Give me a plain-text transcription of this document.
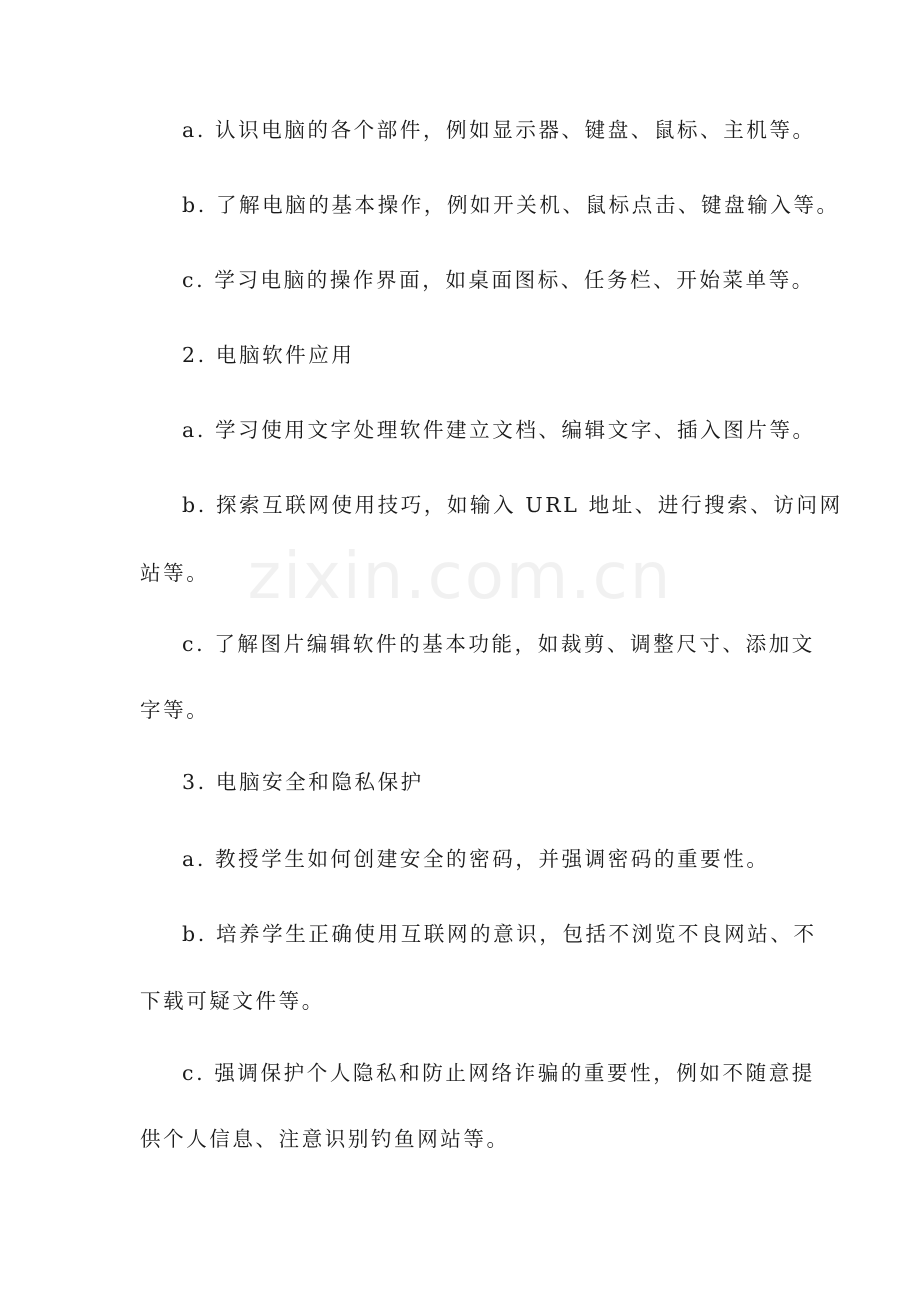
zixin.com.cn

a. 认识电脑的各个部件，例如显示器、键盘、鼠标、主机等。

b. 了解电脑的基本操作，例如开关机、鼠标点击、键盘输入等。

c. 学习电脑的操作界面，如桌面图标、任务栏、开始菜单等。

2. 电脑软件应用

a. 学习使用文字处理软件建立文档、编辑文字、插入图片等。

b. 探索互联网使用技巧，如输入 URL 地址、进行搜索、访问网

站等。

c. 了解图片编辑软件的基本功能，如裁剪、调整尺寸、添加文

字等。

3. 电脑安全和隐私保护

a. 教授学生如何创建安全的密码，并强调密码的重要性。

b. 培养学生正确使用互联网的意识，包括不浏览不良网站、不

下载可疑文件等。

c. 强调保护个人隐私和防止网络诈骗的重要性，例如不随意提

供个人信息、注意识别钓鱼网站等。
